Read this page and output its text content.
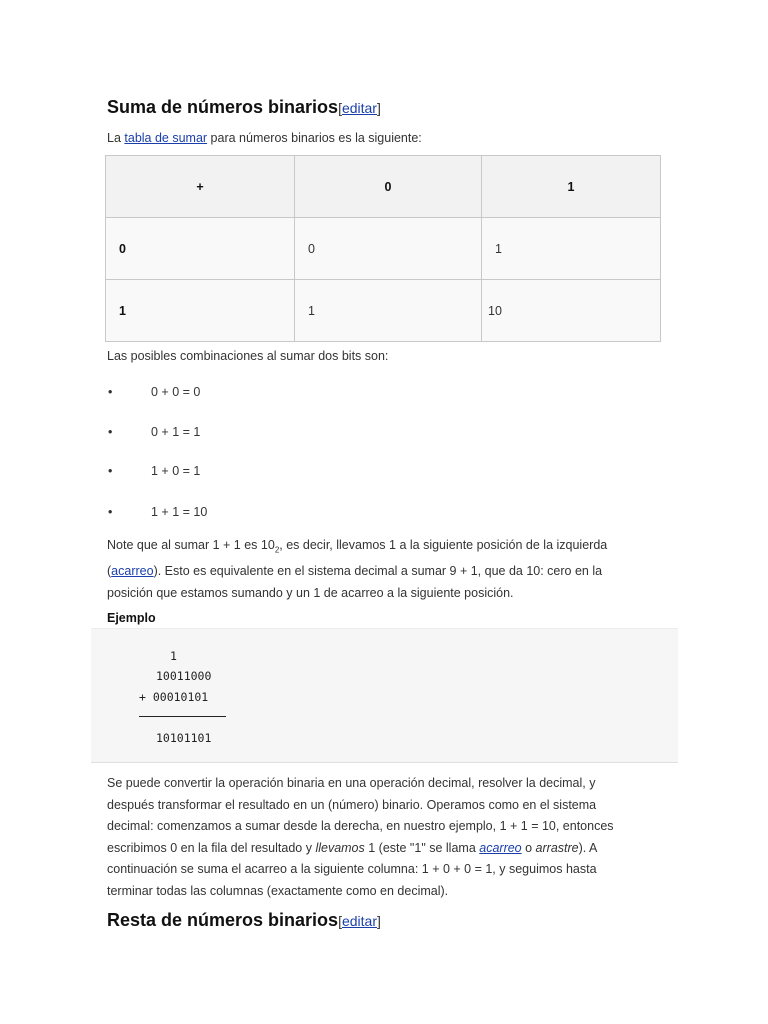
Suma de números binarios[editar]
La tabla de sumar para números binarios es la siguiente:
+	0	1
0	0	1
1	1	10
Las posibles combinaciones al sumar dos bits son:
•	0 + 0 = 0
•	0 + 1 = 1
•	1 + 0 = 1
•	1 + 1 = 10
Note que al sumar 1 + 1 es $10_2$, es decir, llevamos 1 a la siguiente posición de la izquierda
(acarreo). Esto es equivalente en el sistema decimal a sumar 9 + 1, que da 10: cero en la
posición que estamos sumando y un 1 de acarreo a la siguiente posición.
Ejemplo
1
10011000
+ 00010101
10101101
Se puede convertir la operación binaria en una operación decimal, resolver la decimal, y
después transformar el resultado en un (número) binario. Operamos como en el sistema
decimal: comenzamos a sumar desde la derecha, en nuestro ejemplo, 1 + 1 = 10, entonces
escribimos 0 en la fila del resultado y llevamos 1 (este "1" se llama acarreo o arrastre). A
continuación se suma el acarreo a la siguiente columna: 1 + 0 + 0 = 1, y seguimos hasta
terminar todas las columnas (exactamente como en decimal).
Resta de números binarios[editar]
